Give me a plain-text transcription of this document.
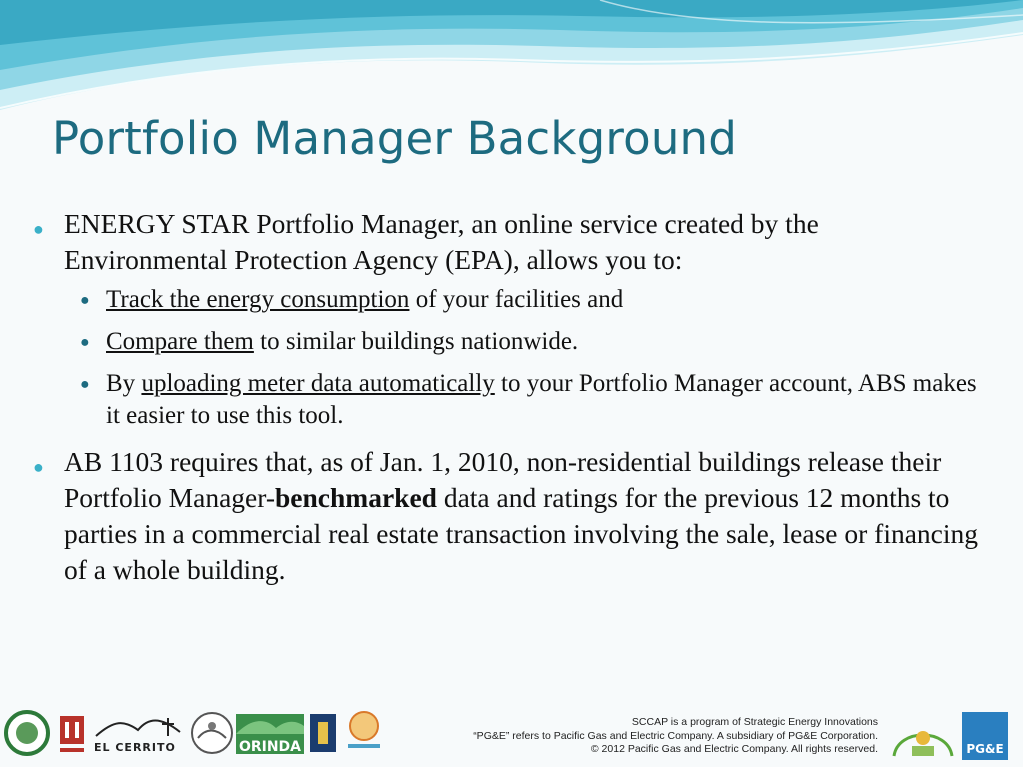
Portfolio Manager Background
● ENERGY STAR Portfolio Manager, an online service created by the Environmental Protection Agency (EPA), allows you to:
● Track the energy consumption of your facilities and
● Compare them to similar buildings nationwide.
● By uploading meter data automatically to your Portfolio Manager account, ABS makes it easier to use this tool.
● AB 1103 requires that, as of Jan. 1, 2010, non-residential buildings release their Portfolio Manager-benchmarked data and ratings for the previous 12 months to parties in a commercial real estate transaction involving the sale, lease or financing of a whole building.
EL CERRITO	ORINDA
SCCAP is a program of Strategic Energy Innovations
“PG&E” refers to Pacific Gas and Electric Company. A subsidiary of PG&E Corporation.
© 2012 Pacific Gas and Electric Company. All rights reserved.	PG&E
